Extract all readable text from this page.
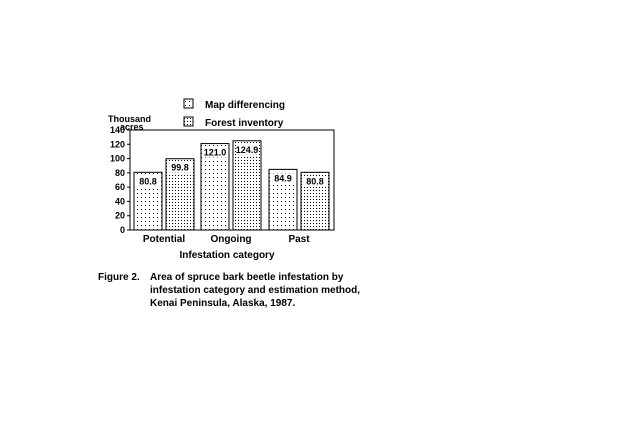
Map differencing
Forest inventory
Thousand
acres
0
20
40
60
80
100
120
140
80.8
99.8
121.0 124.9
84.9 80.8
Potential	Ongoing	Past
Infestation category
Figure 2. Area of spruce bark beetle infestation by
infestation category and estimation method,
Kenai Peninsula, Alaska, 1987.
